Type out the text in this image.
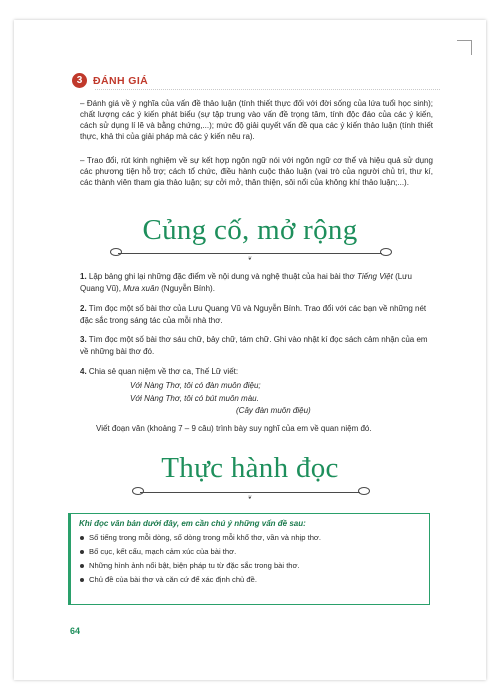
3	ĐÁNH GIÁ
– Đánh giá về ý nghĩa của vấn đề thảo luận (tính thiết thực đối với đời sống của lứa tuổi học sinh); chất lượng các ý kiến phát biểu (sự tập trung vào vấn đề trọng tâm, tính độc đáo của các ý kiến, cách sử dụng lí lẽ và bằng chứng,...); mức độ giải quyết vấn đề qua các ý kiến thảo luận (tính thiết thực, khả thi của giải pháp mà các ý kiến nêu ra).
– Trao đổi, rút kinh nghiệm về sự kết hợp ngôn ngữ nói với ngôn ngữ cơ thể và hiệu quả sử dụng các phương tiện hỗ trợ; cách tổ chức, điều hành cuộc thảo luận (vai trò của người chủ trì, thư kí, các thành viên tham gia thảo luận; sự cởi mở, thân thiện, sôi nổi của không khí thảo luận;...).
Củng cố, mở rộng
❦
1. Lập bảng ghi lại những đặc điểm về nội dung và nghệ thuật của hai bài thơ Tiếng Việt (Lưu Quang Vũ), Mưa xuân (Nguyễn Bính).
2. Tìm đọc một số bài thơ của Lưu Quang Vũ và Nguyễn Bính. Trao đổi với các bạn về những nét đặc sắc trong sáng tác của mỗi nhà thơ.
3. Tìm đọc một số bài thơ sáu chữ, bảy chữ, tám chữ. Ghi vào nhật kí đọc sách cảm nhận của em về những bài thơ đó.
4. Chia sẻ quan niệm về thơ ca, Thế Lữ viết:
Với Nàng Thơ, tôi có đàn muôn điệu;
Với Nàng Thơ, tôi có bút muôn màu.
(Cây đàn muôn điệu)
Viết đoạn văn (khoảng 7 – 9 câu) trình bày suy nghĩ của em về quan niệm đó.
Thực hành đọc
❦
Khi đọc văn bản dưới đây, em cần chú ý những vấn đề sau:
Số tiếng trong mỗi dòng, số dòng trong mỗi khổ thơ, vần và nhịp thơ.
Bố cục, kết cấu, mạch cảm xúc của bài thơ.
Những hình ảnh nổi bật, biện pháp tu từ đặc sắc trong bài thơ.
Chủ đề của bài thơ và căn cứ để xác định chủ đề.
64
